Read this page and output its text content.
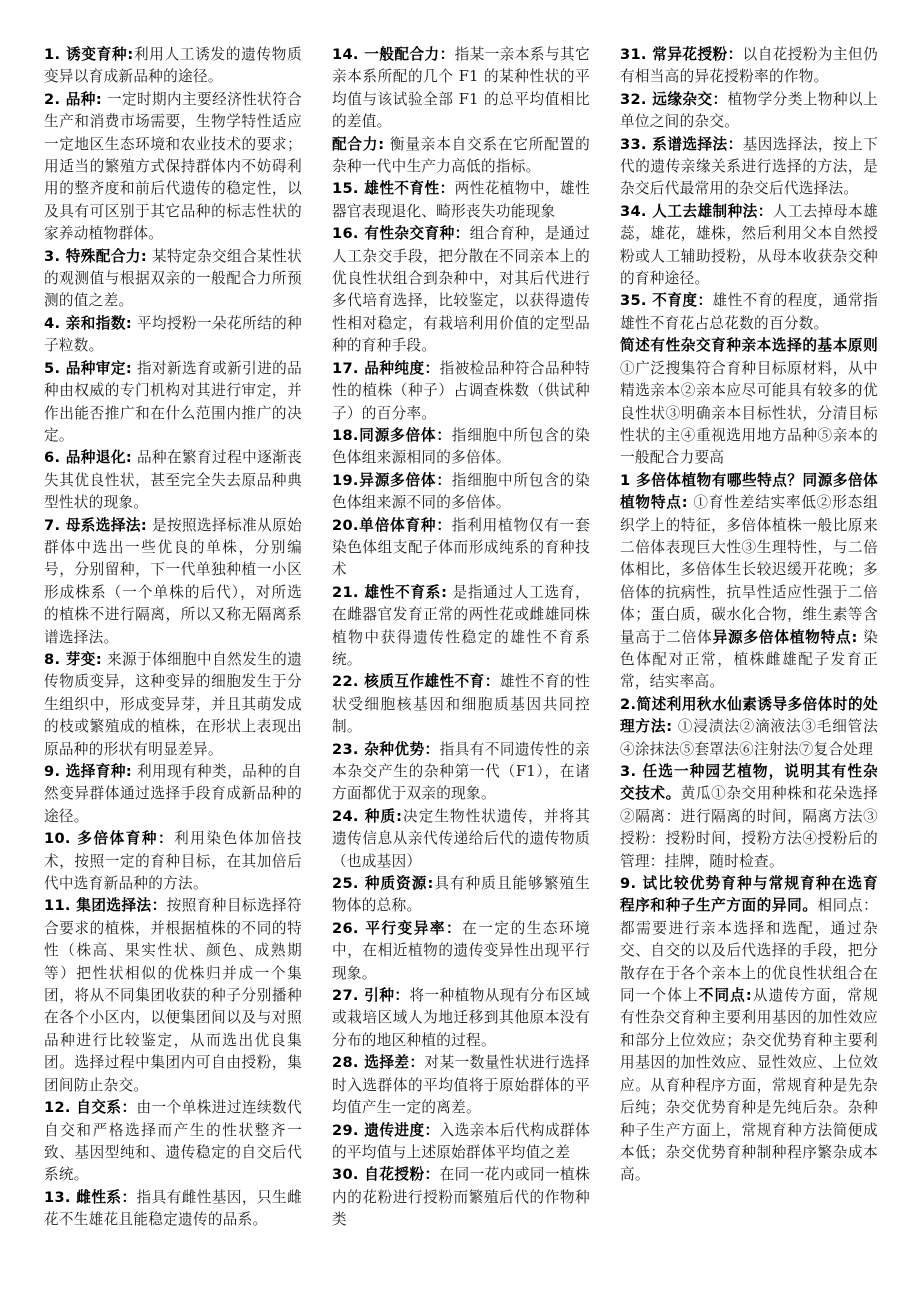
1. 诱变育种:利用人工诱发的遗传物质变异以育成新品种的途径。

2. 品种: 一定时期内主要经济性状符合生产和消费市场需要，生物学特性适应一定地区生态环境和农业技术的要求；用适当的繁殖方式保持群体内不妨碍利用的整齐度和前后代遗传的稳定性，以及具有可区别于其它品种的标志性状的家养动植物群体。

3. 特殊配合力: 某特定杂交组合某性状的观测值与根据双亲的一般配合力所预测的值之差。

4. 亲和指数: 平均授粉一朵花所结的种子粒数。

5. 品种审定: 指对新选育或新引进的品种由权威的专门机构对其进行审定，并作出能否推广和在什么范围内推广的决定。

6. 品种退化: 品种在繁育过程中逐渐丧失其优良性状，甚至完全失去原品种典型性状的现象。

7. 母系选择法: 是按照选择标准从原始群体中选出一些优良的单株，分别编号，分别留种，下一代单独种植一小区形成株系（一个单株的后代），对所选的植株不进行隔离，所以又称无隔离系谱选择法。

8. 芽变: 来源于体细胞中自然发生的遗传物质变异，这种变异的细胞发生于分生组织中，形成变异芽，并且其萌发成的枝或繁殖成的植株，在形状上表现出原品种的形状有明显差异。

9. 选择育种: 利用现有种类，品种的自然变异群体通过选择手段育成新品种的途径。

10. 多倍体育种：利用染色体加倍技术，按照一定的育种目标，在其加倍后代中选育新品种的方法。

11. 集团选择法：按照育种目标选择符合要求的植株，并根据植株的不同的特性（株高、果实性状、颜色、成熟期等）把性状相似的优株归并成一个集团，将从不同集团收获的种子分别播种在各个小区内，以便集团间以及与对照品种进行比较鉴定，从而选出优良集团。选择过程中集团内可自由授粉，集团间防止杂交。

12. 自交系：由一个单株进过连续数代自交和严格选择而产生的性状整齐一致、基因型纯和、遗传稳定的自交后代系统。

13. 雌性系：指具有雌性基因，只生雌花不生雄花且能稳定遗传的品系。

14. 一般配合力：指某一亲本系与其它亲本系所配的几个 F1 的某种性状的平均值与该试验全部 F1 的总平均值相比的差值。

配合力: 衡量亲本自交系在它所配置的杂种一代中生产力高低的指标。

15. 雄性不育性：两性花植物中，雄性器官表现退化、畸形丧失功能现象

16. 有性杂交育种：组合育种，是通过人工杂交手段，把分散在不同亲本上的优良性状组合到杂种中，对其后代进行多代培育选择，比较鉴定，以获得遗传性相对稳定，有栽培利用价值的定型品种的育种手段。

17. 品种纯度：指被检品种符合品种特性的植株（种子）占调查株数（供试种子）的百分率。

18.同源多倍体：指细胞中所包含的染色体组来源相同的多倍体。

19.异源多倍体：指细胞中所包含的染色体组来源不同的多倍体。

20.单倍体育种：指利用植物仅有一套染色体组支配子体而形成纯系的育种技术

21. 雄性不育系: 是指通过人工选育，在雌器官发育正常的两性花或雌雄同株植物中获得遗传性稳定的雄性不育系统。

22. 核质互作雄性不育：雄性不育的性状受细胞核基因和细胞质基因共同控制。

23. 杂种优势：指具有不同遗传性的亲本杂交产生的杂种第一代（F1），在诸方面都优于双亲的现象。

24. 种质:决定生物性状遗传，并将其遗传信息从亲代传递给后代的遗传物质（也成基因）

25. 种质资源:具有种质且能够繁殖生物体的总称。

26. 平行变异率：在一定的生态环境中，在相近植物的遗传变异性出现平行现象。

27. 引种：将一种植物从现有分布区域或栽培区域人为地迁移到其他原本没有分布的地区种植的过程。

28. 选择差：对某一数量性状进行选择时入选群体的平均值将于原始群体的平均值产生一定的离差。

29. 遗传进度：入选亲本后代构成群体的平均值与上述原始群体平均值之差

30. 自花授粉：在同一花内或同一植株内的花粉进行授粉而繁殖后代的作物种类

31. 常异花授粉：以自花授粉为主但仍有相当高的异花授粉率的作物。

32. 远缘杂交：植物学分类上物种以上单位之间的杂交。

33. 系谱选择法：基因选择法，按上下代的遗传亲缘关系进行选择的方法，是杂交后代最常用的杂交后代选择法。

34. 人工去雄制种法：人工去掉母本雄蕊，雄花，雄株，然后利用父本自然授粉或人工辅助授粉，从母本收获杂交种的育种途径。

35. 不育度：雄性不育的程度，通常指雄性不育花占总花数的百分数。

简述有性杂交育种亲本选择的基本原则①广泛搜集符合育种目标原材料，从中精选亲本②亲本应尽可能具有较多的优良性状③明确亲本目标性状，分清目标性状的主④重视选用地方品种⑤亲本的一般配合力要高

1 多倍体植物有哪些特点？同源多倍体植物特点: ①育性差结实率低②形态组织学上的特征，多倍体植株一般比原来二倍体表现巨大性③生理特性，与二倍体相比，多倍体生长较迟缓开花晚；多倍体的抗病性，抗旱性适应性强于二倍体；蛋白质，碳水化合物，维生素等含量高于二倍体异源多倍体植物特点: 染色体配对正常，植株雌雄配子发育正常，结实率高。

2.简述利用秋水仙素诱导多倍体时的处理方法: ①浸渍法②滴液法③毛细管法④涂抹法⑤套罩法⑥注射法⑦复合处理

3. 任选一种园艺植物，说明其有性杂交技术。黄瓜①杂交用种株和花朵选择②隔离：进行隔离的时间，隔离方法③授粉：授粉时间，授粉方法④授粉后的管理：挂牌，随时检查。

9. 试比较优势育种与常规育种在选育程序和种子生产方面的异同。相同点：都需要进行亲本选择和选配，通过杂交、自交的以及后代选择的手段，把分散存在于各个亲本上的优良性状组合在同一个体上不同点:从遗传方面，常规有性杂交育种主要利用基因的加性效应和部分上位效应；杂交优势育种主要利用基因的加性效应、显性效应、上位效应。从育种程序方面，常规育种是先杂后纯；杂交优势育种是先纯后杂。杂种种子生产方面上，常规育种方法简便成本低；杂交优势育种制种程序繁杂成本高。
